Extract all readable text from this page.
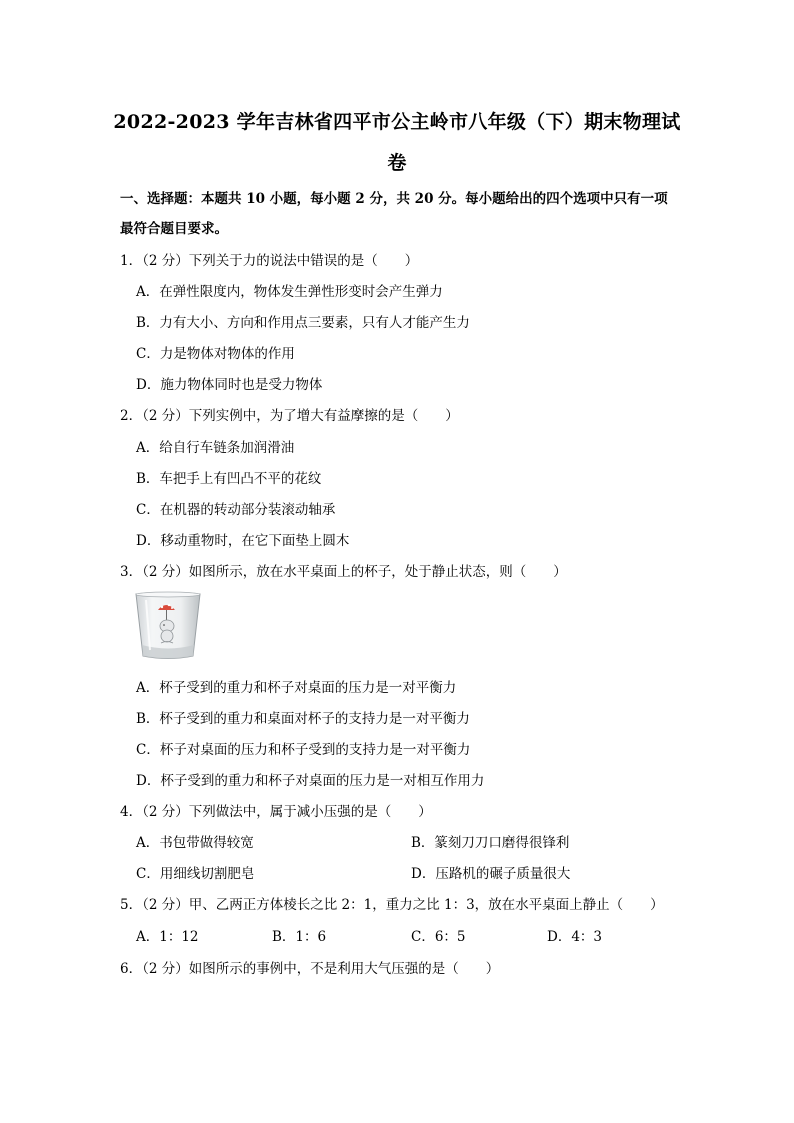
2022-2023 学年吉林省四平市公主岭市八年级（下）期末物理试
卷
一、选择题：本题共 10 小题，每小题 2 分，共 20 分。每小题给出的四个选项中只有一项
最符合题目要求。
1．（2 分）下列关于力的说法中错误的是（　　）
A．在弹性限度内，物体发生弹性形变时会产生弹力
B．力有大小、方向和作用点三要素，只有人才能产生力
C．力是物体对物体的作用
D．施力物体同时也是受力物体
2．（2 分）下列实例中，为了增大有益摩擦的是（　　）
A．给自行车链条加润滑油
B．车把手上有凹凸不平的花纹
C．在机器的转动部分装滚动轴承
D．移动重物时，在它下面垫上圆木
3．（2 分）如图所示，放在水平桌面上的杯子，处于静止状态，则（　　）
A．杯子受到的重力和杯子对桌面的压力是一对平衡力
B．杯子受到的重力和桌面对杯子的支持力是一对平衡力
C．杯子对桌面的压力和杯子受到的支持力是一对平衡力
D．杯子受到的重力和杯子对桌面的压力是一对相互作用力
4．（2 分）下列做法中，属于减小压强的是（　　）
A．书包带做得较宽	B．篆刻刀刀口磨得很锋利
C．用细线切割肥皂	D．压路机的碾子质量很大
5．（2 分）甲、乙两正方体棱长之比 2：1，重力之比 1：3，放在水平桌面上静止（　　）
A．1：12	B．1：6	C．6：5	D．4：3
6．（2 分）如图所示的事例中，不是利用大气压强的是（　　）
